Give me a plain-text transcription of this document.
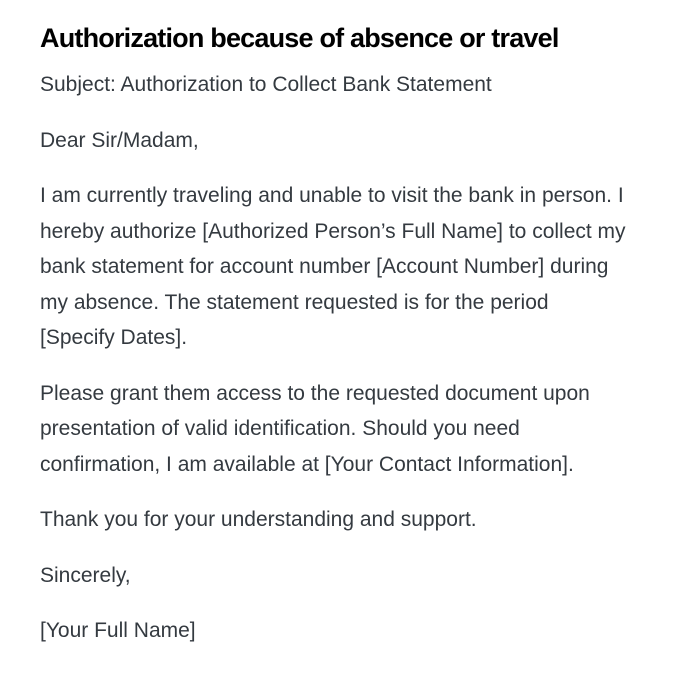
Authorization because of absence or travel

Subject: Authorization to Collect Bank Statement

Dear Sir/Madam,

I am currently traveling and unable to visit the bank in person. I hereby authorize [Authorized Person’s Full Name] to collect my bank statement for account number [Account Number] during my absence. The statement requested is for the period [Specify Dates].

Please grant them access to the requested document upon presentation of valid identification. Should you need confirmation, I am available at [Your Contact Information].

Thank you for your understanding and support.

Sincerely,

[Your Full Name]
